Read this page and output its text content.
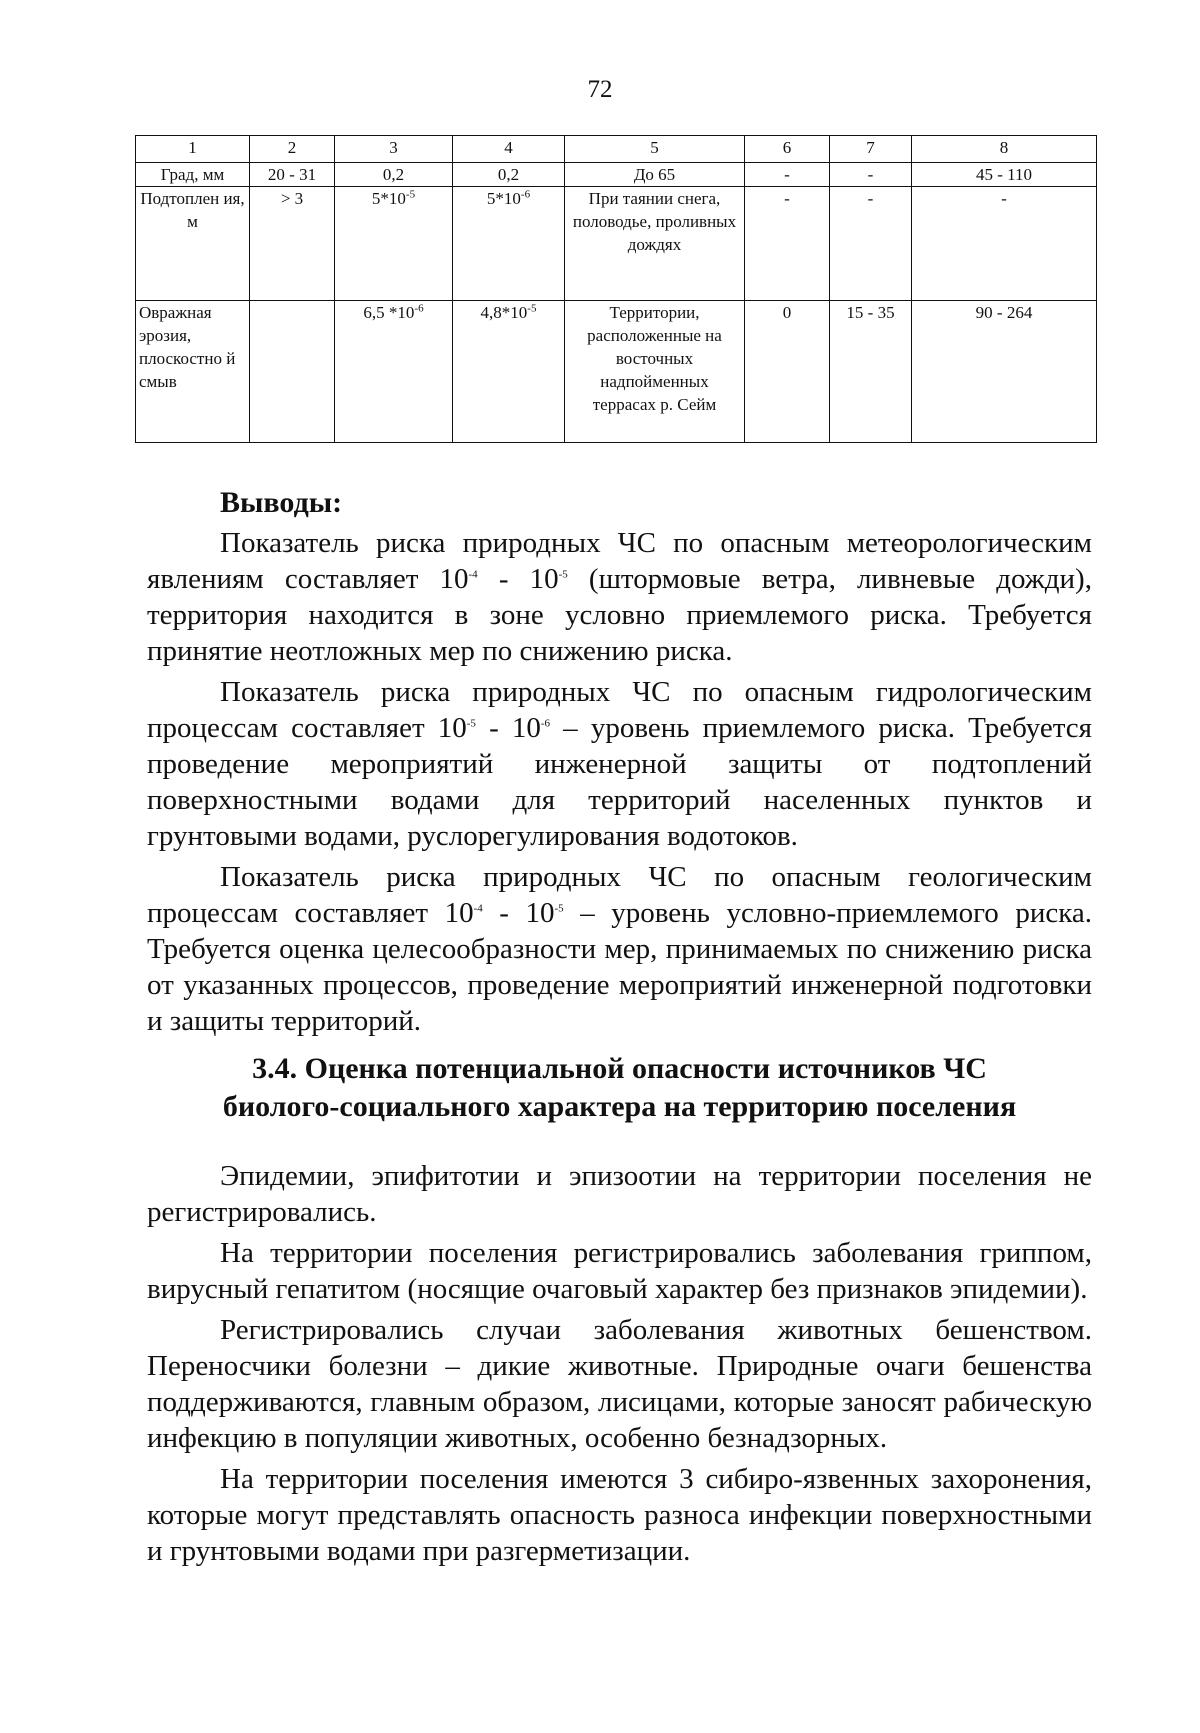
72
1	2	3	4	5	6	7	8
Град, мм	20 - 31	0,2	0,2	До 65	-	-	45 - 110
Подтоплен ия, м	> 3	$5*10^{-5}$	$5*10^{-6}$	При таянии снега, половодье, проливных дождях	-	-	-
Овражная эрозия, плоскостно й смыв		6,5 $*10^{-6}$	$4,8*10^{-5}$	Территории, расположенные на восточных надпойменных террасах р. Сейм	0	15 - 35	90 - 264
Выводы:

Показатель риска природных ЧС по опасным метеорологическим явлениям составляет $10^{-4} - 10^{-5}$ (штормовые ветра, ливневые дожди), территория находится в зоне условно приемлемого риска. Требуется принятие неотложных мер по снижению риска.

Показатель риска природных ЧС по опасным гидрологическим процессам составляет $10^{-5} - 10^{-6}$ – уровень приемлемого риска. Требуется проведение мероприятий инженерной защиты от подтоплений поверхностными водами для территорий населенных пунктов и грунтовыми водами, руслорегулирования водотоков.

Показатель риска природных ЧС по опасным геологическим процессам составляет $10^{-4} - 10^{-5}$ – уровень условно-приемлемого риска. Требуется оценка целесообразности мер, принимаемых по снижению риска от указанных процессов, проведение мероприятий инженерной подготовки и защиты территорий.

3.4. Оценка потенциальной опасности источников ЧС
биолого-социального характера на территорию поселения

Эпидемии, эпифитотии и эпизоотии на территории поселения не регистрировались.

На территории поселения регистрировались заболевания гриппом, вирусный гепатитом (носящие очаговый характер без признаков эпидемии).

Регистрировались случаи заболевания животных бешенством. Переносчики болезни – дикие животные. Природные очаги бешенства поддерживаются, главным образом, лисицами, которые заносят рабическую инфекцию в популяции животных, особенно безнадзорных.

На территории поселения имеются 3 сибиро-язвенных захоронения, которые могут представлять опасность разноса инфекции поверхностными и грунтовыми водами при разгерметизации.
